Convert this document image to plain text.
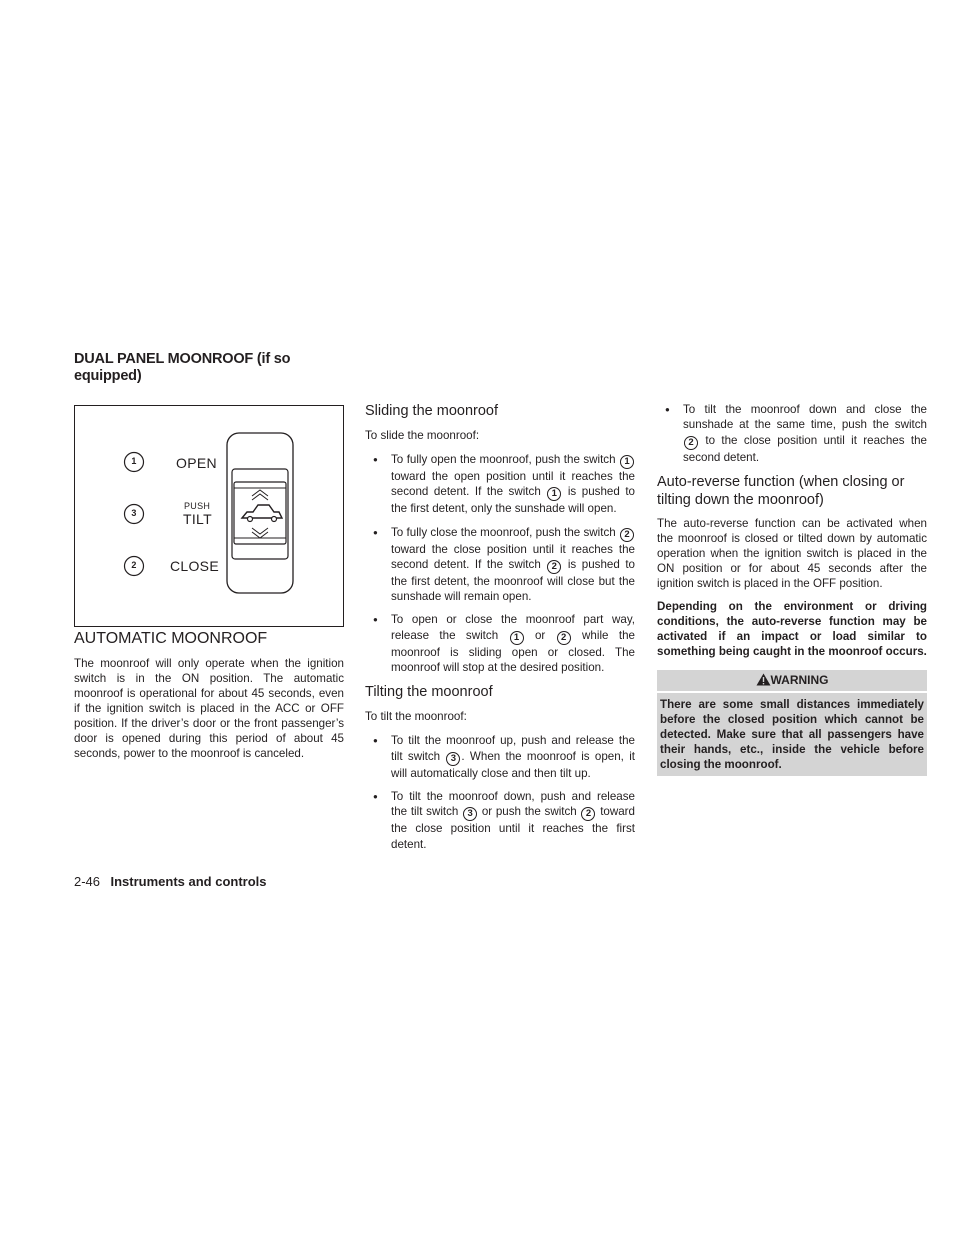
DUAL PANEL MOONROOF (if so equipped)
1
3
2
OPEN
PUSH
TILT
CLOSE
AUTOMATIC MOONROOF

The moonroof will only operate when the ignition switch is in the ON position. The automatic moonroof is operational for about 45 seconds, even if the ignition switch is placed in the ACC or OFF position. If the driver’s door or the front passenger’s door is opened during this period of about 45 seconds, power to the moonroof is canceled.

Sliding the moonroof

To slide the moonroof:

● To fully open the moonroof, push the switch 1 toward the open position until it reaches the second detent. If the switch 1 is pushed to the first detent, only the sunshade will open.
● To fully close the moonroof, push the switch 2 toward the close position until it reaches the second detent. If the switch 2 is pushed to the first detent, the moonroof will close but the sunshade will remain open.
● To open or close the moonroof part way, release the switch 1 or 2 while the moonroof is sliding open or closed. The moonroof will stop at the desired position.
Tilting the moonroof

To tilt the moonroof:

● To tilt the moonroof up, push and release the tilt switch 3 . When the moonroof is open, it will automatically close and then tilt up.
● To tilt the moonroof down, push and release the tilt switch 3 or push the switch 2 toward the close position until it reaches the first detent.
● To tilt the moonroof down and close the sunshade at the same time, push the switch 2 to the close position until it reaches the second detent.
Auto-reverse function (when closing or tilting down the moonroof)

The auto-reverse function can be activated when the moonroof is closed or tilted down by automatic operation when the ignition switch is placed in the ON position or for about 45 seconds after the ignition switch is placed in the OFF position.

Depending on the environment or driving conditions, the auto-reverse function may be activated if an impact or load similar to something being caught in the moonroof occurs.

WARNING
There are some small distances immediately before the closed position which cannot be detected. Make sure that all passengers have their hands, etc., inside the vehicle before closing the moonroof.
2-46 Instruments and controls
